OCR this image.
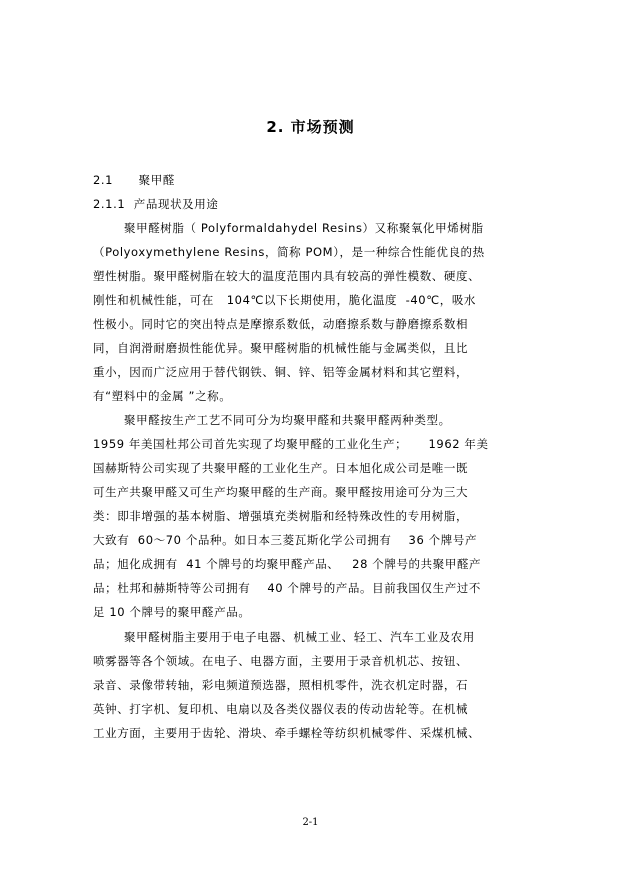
2. 市场预测
2.1      聚甲醛
2.1.1  产品现状及用途
聚甲醛树脂（ Polyformaldahydel Resins）又称聚氧化甲烯树脂
（Polyoxymethylene Resins，简称 POM），是一种综合性能优良的热
塑性树脂。聚甲醛树脂在较大的温度范围内具有较高的弹性模数、硬度、
刚性和机械性能，可在   104℃以下长期使用，脆化温度  -40℃，吸水
性极小。同时它的突出特点是摩擦系数低，动磨擦系数与静磨擦系数相
同，自润滑耐磨损性能优异。聚甲醛树脂的机械性能与金属类似，且比
重小，因而广泛应用于替代钢铁、铜、锌、铝等金属材料和其它塑料，
有“塑料中的金属 ”之称。
聚甲醛按生产工艺不同可分为均聚甲醛和共聚甲醛两种类型。
1959 年美国杜邦公司首先实现了均聚甲醛的工业化生产；     1962 年美
国赫斯特公司实现了共聚甲醛的工业化生产。日本旭化成公司是唯一既
可生产共聚甲醛又可生产均聚甲醛的生产商。聚甲醛按用途可分为三大
类：即非增强的基本树脂、增强填充类树脂和经特殊改性的专用树脂，
大致有  60～70 个品种。如日本三菱瓦斯化学公司拥有    36 个牌号产
品；旭化成拥有  41 个牌号的均聚甲醛产品、   28 个牌号的共聚甲醛产
品；杜邦和赫斯特等公司拥有    40 个牌号的产品。目前我国仅生产过不
足 10 个牌号的聚甲醛产品。
聚甲醛树脂主要用于电子电器、机械工业、轻工、汽车工业及农用
喷雾器等各个领域。在电子、电器方面，主要用于录音机机芯、按钮、
录音、录像带转轴，彩电频道预选器，照相机零件，洗衣机定时器，石
英钟、打字机、复印机、电扇以及各类仪器仪表的传动齿轮等。在机械
工业方面，主要用于齿轮、滑块、牵手螺栓等纺织机械零件、采煤机械、
2-1
